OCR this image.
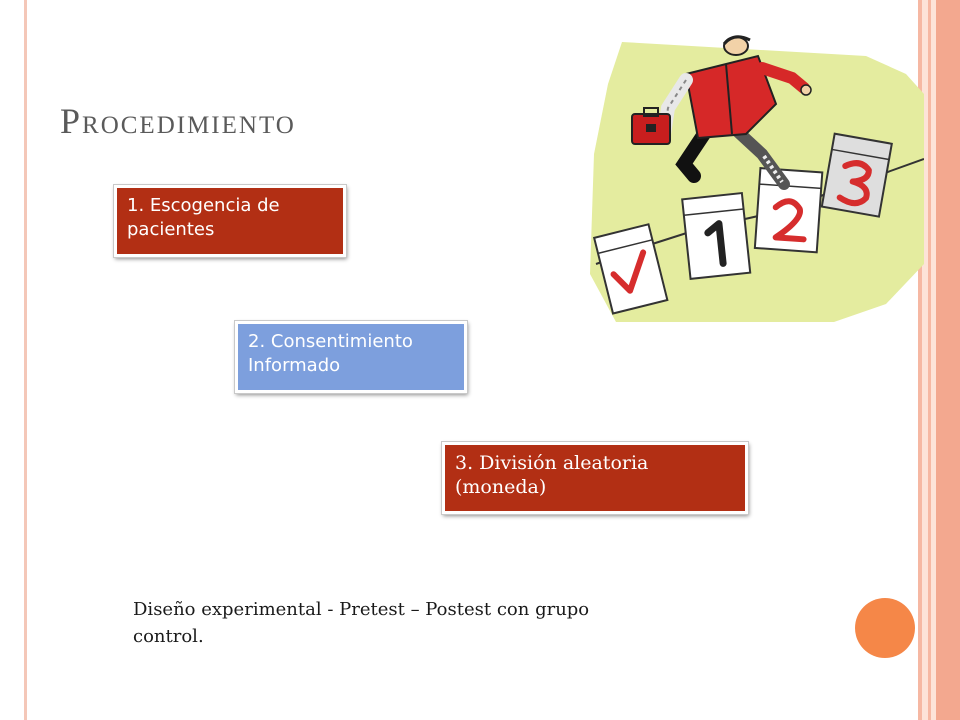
Procedimiento
1. Escogencia de pacientes
2. Consentimiento Informado
3. División aleatoria (moneda)

Diseño experimental - Pretest – Postest con grupo control.
